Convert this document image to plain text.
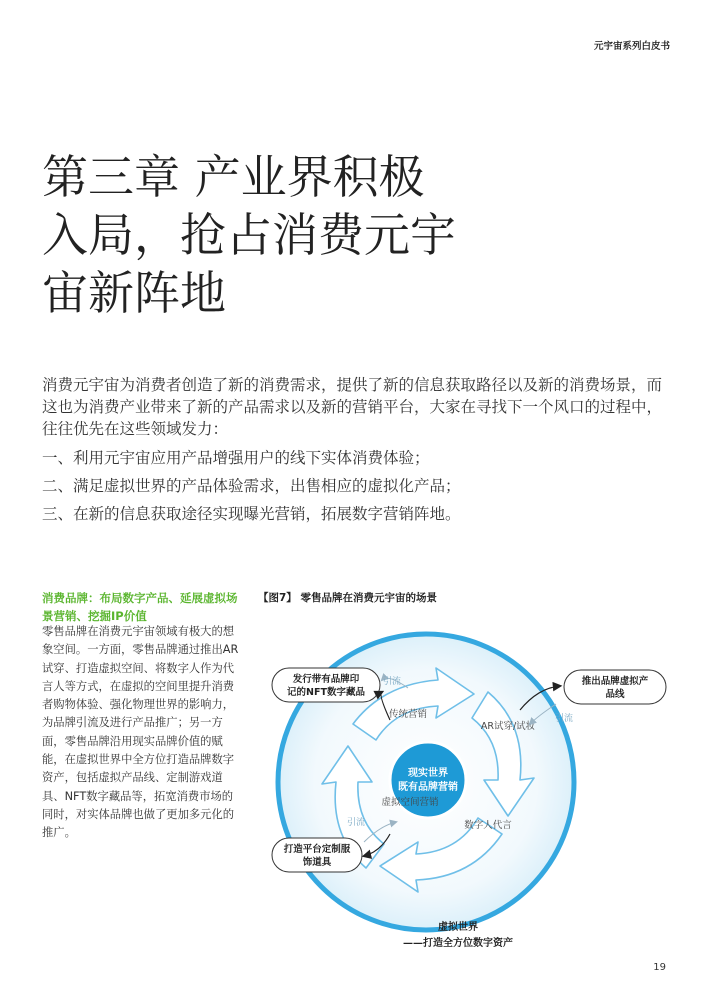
元宇宙系列白皮书
第三章 产业界积极
入局，抢占消费元宇
宙新阵地

消费元宇宙为消费者创造了新的消费需求，提供了新的信息获取路径以及新的消费场景，而这也为消费产业带来了新的产品需求以及新的营销平台，大家在寻找下一个风口的过程中，往往优先在这些领域发力：

一、利用元宇宙应用产品增强用户的线下实体消费体验；

二、满足虚拟世界的产品体验需求，出售相应的虚拟化产品；

三、在新的信息获取途径实现曝光营销，拓展数字营销阵地。

消费品牌：布局数字产品、延展虚拟场景营销、挖掘IP价值
零售品牌在消费元宇宙领域有极大的想象空间。一方面，零售品牌通过推出AR试穿、打造虚拟空间、将数字人作为代言人等方式，在虚拟的空间里提升消费者购物体验、强化物理世界的影响力，为品牌引流及进行产品推广；另一方面，零售品牌沿用现实品牌价值的赋能，在虚拟世界中全方位打造品牌数字资产，包括虚拟产品线、定制游戏道具、NFT数字藏品等，拓宽消费市场的同时，对实体品牌也做了更加多元化的推广。
【图7】 零售品牌在消费元宇宙的场景
现实世界
既有品牌营销
传统营销
AR试穿/试妆
数字人代言
虚拟空间营销
发行带有品牌印
记的NFT数字藏品
推出品牌虚拟产
品线
打造平台定制服
饰道具
引流
引流
引流
虚拟世界
——打造全方位数字资产
19
